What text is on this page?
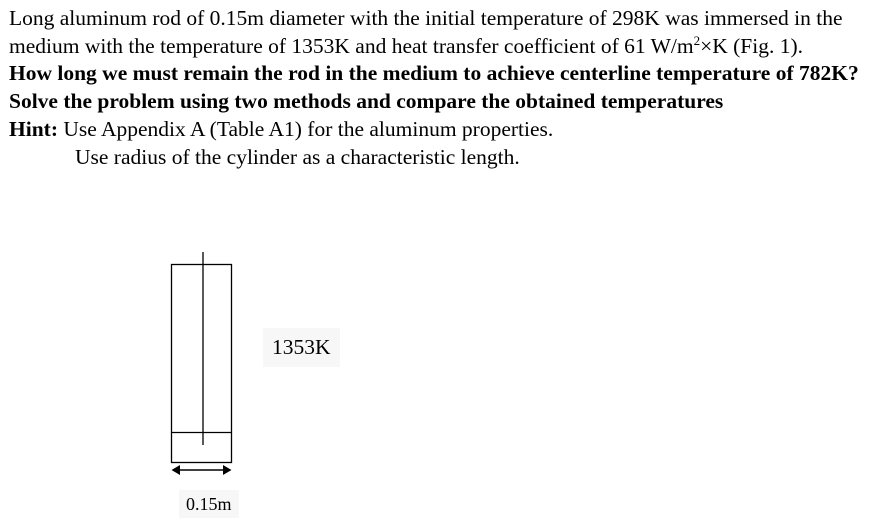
Long aluminum rod of 0.15m diameter with the initial temperature of 298K was immersed in the medium with the temperature of 1353K and heat transfer coefficient of 61 $W/m^2\times K$ (Fig. 1).

How long we must remain the rod in the medium to achieve centerline temperature of 782K? Solve the problem using two methods and compare the obtained temperatures

Hint: Use Appendix A (Table A1) for the aluminum properties.

Use radius of the cylinder as a characteristic length.

1353K
0.15m
